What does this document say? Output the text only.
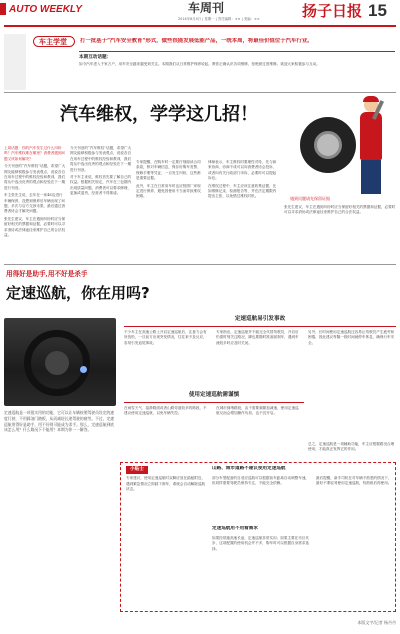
AUTO WEEKLY	车周刊
2014年8月4日 | 星期一 | 责任编辑：×× | 美编：××	扬子日报 15
车主学堂 打一批基于“汽车安全教育”形式，做些很能发展低能产品，一统本周，将最佳价值位于汽车行业。
本期互动话题：
如今汽车进入千家万户，用车安全越来越受到关注。本期我们从日常维护保养说起，教你正确认识各项维修，拒绝被过度维修。欢迎大家积极参与互动。
汽车维权，学学这几招！
上周话题：你的汽车发生过什么纠纷吗？汽车维权难在哪里？消费者遇到问题又该如何解决？
今天刊登的“汽车维权”话题，希望广大网友能够积极参与发表观点，说说各自在用车过程中的维权经验和教训，我们将从中选出优秀的观点和经验在下一期进行刊登。
车主张先生说，去年在一家4S店进行车辆保养，没想到保养后车辆出现了问题，多次与店方交涉未果，最后通过消费者协会才解决问题。
张先生建议，车主在遇到纠纷时应当保留好相关的票据和证据，必要时可以寻求消协或法律途径来维护自己的合法权益。
今天刊登的“汽车维权”话题，希望广大网友能够积极参与发表观点，说说各自在用车过程中的维权经验和教训，我们将从中选出优秀的观点和经验在下一期进行刊登。
对于车主来说，维权首先要了解自己的权益。根据相关规定，汽车在三包期内出现质量问题，消费者可以要求修理、更换或退货，经营者不得推诿。
专家提醒，在购车时一定要仔细阅读合同条款，核对车辆信息，保存好购车发票、保修手册等凭证，一旦发生纠纷，这些都是重要证据。
此外，车主在日常用车时也应按照厂家规定进行保养，避免因使用不当而导致维权困难。
律师表示，车主维权时要理性对待，先与商家协商，协商不成可以向消费者协会投诉，或者向有关行政部门申诉，必要时可以提起诉讼。
在维权过程中，车主应该注意收集证据，比如维修记录、检测报告等，并在法定期限内提出主张，以免错过维权时机。
张先生建议，车主在遇到纠纷时应当保留好相关的票据和证据，必要时可以寻求消协或法律途径来维护自己的合法权益。
遇到问题请先保留证据
用得好是助手,用不好是杀手
定速巡航，你在用吗?
定速巡航是一项很实用的功能，它可以让车辆按照驾驶员设定的速度行驶，不用踩油门踏板，从而减轻长途驾驶的疲劳。不过，定速巡航用得好是助手，用不好则可能成为杀手。那么，定速巡航到底该怎么用？什么路况下不能用？本期为你一一解答。
定速巡航易引发事故
不少车主在高速公路上开启定速巡航后，注意力会有所放松，一旦前方出现突发情况，往往来不及反应，容易引发追尾事故。
专家指出，定速巡航并不能完全代替驾驶员，开启后仍需时刻关注路况，脚也要随时准备踩刹车，遇到车流较多时应及时关闭。
另外，长时间使用定速巡航还容易让驾驶员产生疲劳和困倦，因此建议每隔一段时间就停车休息，确保行车安全。
使用定速巡航需谨慎
在雨雪天气、湿滑路面或者山路弯道较多的路段，不建议使用定速巡航，以免车辆失控。
在城市拥堵路段，由于需要频繁加减速，使用定速巡航反而会增加操作负担，也不宜开启。
总之，定速巡航是一项辅助功能，车主应根据路况合理使用，才能真正发挥它的作用。
小贴士
专家建议，使用定速巡航时双脚应放在踏板附近，遇到紧急情况立即踩下刹车，系统会自动解除巡航状态。
山路、城市道路不建议使用定速巡航
部分车型配备的自适应巡航可以根据前车距离自动调整车速，但同样需要驾驶员保持专注，不能完全依赖。
定速巡航用不用看需求
如果经常跑高速长途，定速巡航非常实用；如果主要在市区代步，这项配置的使用机会并不多，购车时可以根据自身需求选择。
最后提醒，新手司机在对车辆不熟悉的情况下，最好不要轻易使用定速巡航，待熟练后再使用。
本版文字/记者 杨丹丹
